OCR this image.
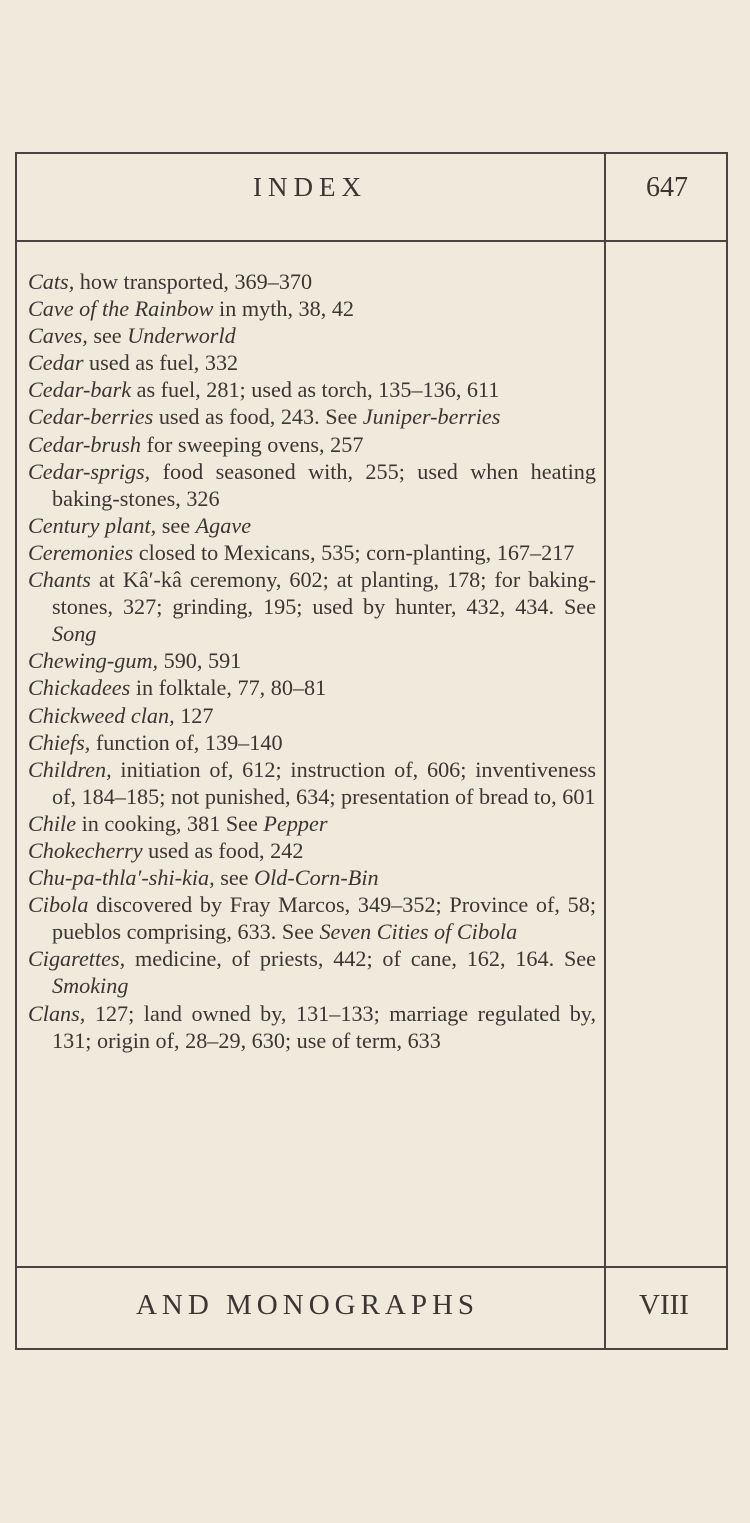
INDEX	647
Cats, how transported, 369–370
Cave of the Rainbow in myth, 38, 42
Caves, see Underworld
Cedar used as fuel, 332
Cedar-bark as fuel, 281; used as torch, 135–136, 611
Cedar-berries used as food, 243. See Juniper-berries
Cedar-brush for sweeping ovens, 257
Cedar-sprigs, food seasoned with, 255; used when heating baking-stones, 326
Century plant, see Agave
Ceremonies closed to Mexicans, 535; corn-planting, 167–217
Chants at Kâ′-kâ ceremony, 602; at planting, 178; for baking-stones, 327; grinding, 195; used by hunter, 432, 434. See Song
Chewing-gum, 590, 591
Chickadees in folktale, 77, 80–81
Chickweed clan, 127
Chiefs, function of, 139–140
Children, initiation of, 612; instruction of, 606; inventiveness of, 184–185; not punished, 634; presentation of bread to, 601
Chile in cooking, 381 See Pepper
Chokecherry used as food, 242
Chu-pa-thla′-shi-kia, see Old-Corn-Bin
Cibola discovered by Fray Marcos, 349–352; Province of, 58; pueblos comprising, 633. See Seven Cities of Cibola
Cigarettes, medicine, of priests, 442; of cane, 162, 164. See Smoking
Clans, 127; land owned by, 131–133; marriage regulated by, 131; origin of, 28–29, 630; use of term, 633
AND MONOGRAPHS	VIII
